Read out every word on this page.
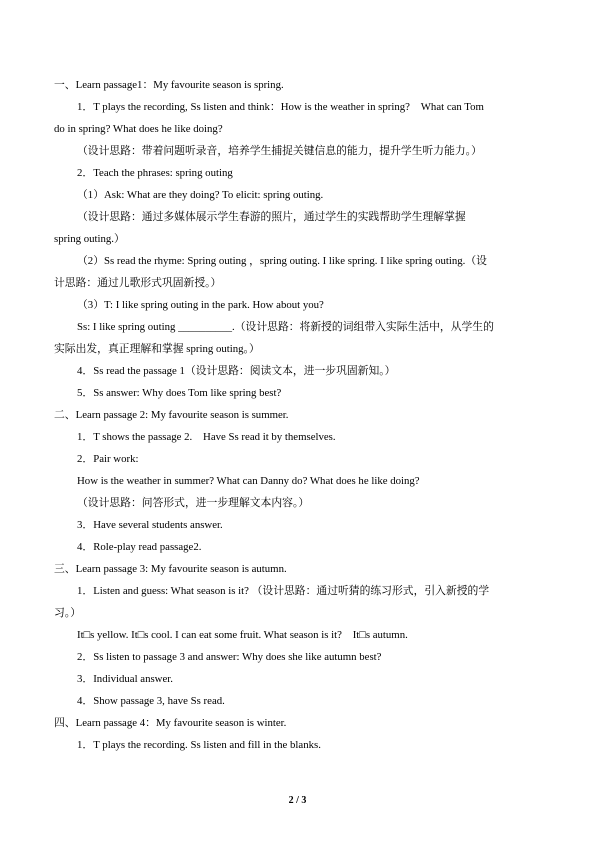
一、Learn passage1：My favourite season is spring.
1．T plays the recording, Ss listen and think：How is the weather in spring?　What can Tom
do in spring? What does he like doing?
（设计思路：带着问题听录音，培养学生捕捉关键信息的能力，提升学生听力能力。）
2．Teach the phrases: spring outing
（1）Ask: What are they doing? To elicit: spring outing.
（设计思路：通过多媒体展示学生春游的照片，通过学生的实践帮助学生理解掌握
spring outing.）
（2）Ss read the rhyme: Spring outing ，spring outing. I like spring. I like spring outing.（设
计思路：通过儿歌形式巩固新授。）
（3）T: I like spring outing in the park. How about you?
Ss: I like spring outing __________.（设计思路：将新授的词组带入实际生活中，从学生的
实际出发，真正理解和掌握 spring outing。）
4．Ss read the passage 1（设计思路：阅读文本，进一步巩固新知。）
5．Ss answer: Why does Tom like spring best?
二、Learn passage 2: My favourite season is summer.
1．T shows the passage 2.　Have Ss read it by themselves.
2．Pair work:
How is the weather in summer? What can Danny do? What does he like doing?
（设计思路：问答形式，进一步理解文本内容。）
3．Have several students answer.
4．Role-play read passage2.
三、Learn passage 3: My favourite season is autumn.
1．Listen and guess: What season is it? （设计思路：通过听猜的练习形式，引入新授的学
习。）
It□s yellow. It□s cool. I can eat some fruit. What season is it?　It□s autumn.
2．Ss listen to passage 3 and answer: Why does she like autumn best?
3．Individual answer.
4．Show passage 3, have Ss read.
四、Learn passage 4：My favourite season is winter.
1．T plays the recording. Ss listen and fill in the blanks.
2 / 3
